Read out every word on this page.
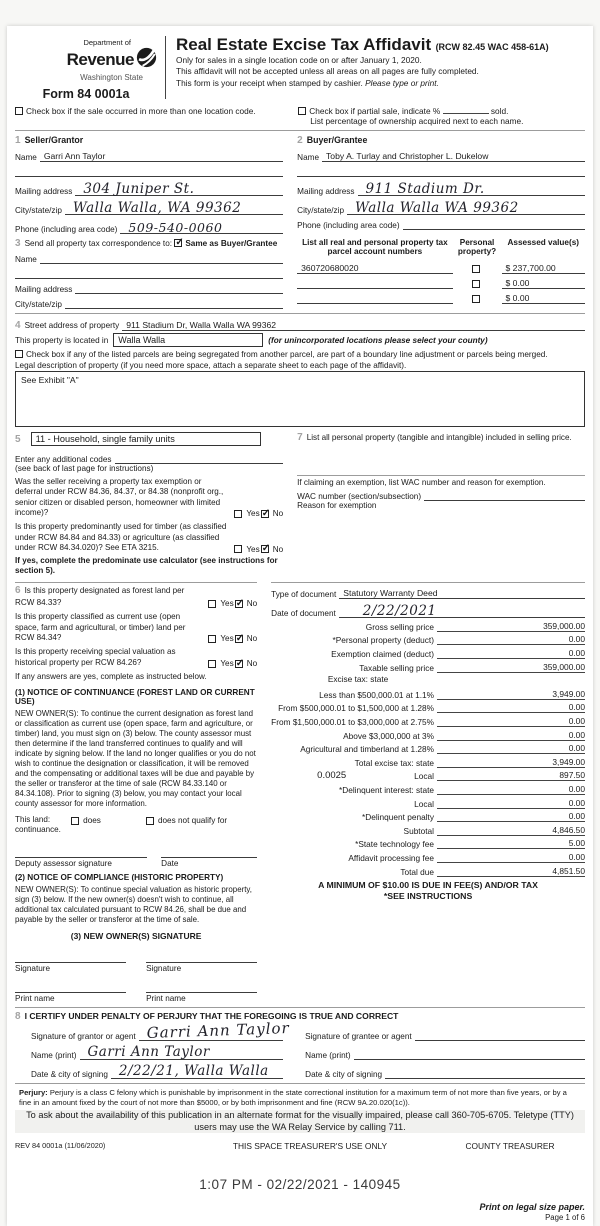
Department of
Revenue
Washington State
Form 84 0001a
Real Estate Excise Tax Affidavit (RCW 82.45 WAC 458-61A)
Only for sales in a single location code on or after January 1, 2020.
This affidavit will not be accepted unless all areas on all pages are fully completed.
This form is your receipt when stamped by cashier. Please type or print.
Check box if the sale occurred in more than one location code.	Check box if partial sale, indicate %	sold.
List percentage of ownership acquired next to each name.
1 Seller/Grantor
Name Garri Ann Taylor
Mailing address 304 Juniper St.
City/state/zip Walla Walla, WA 99362
Phone (including area code) 509-540-0060
2 Buyer/Grantee
Name Toby A. Turlay and Christopher L. Dukelow
Mailing address 911 Stadium Dr.
City/state/zip Walla Walla WA 99362
Phone (including area code)
3 Send all property tax correspondence to: ✓ Same as Buyer/Grantee
Name
Mailing address
City/state/zip
List all real and personal property tax parcel account numbers
Personal property?
Assessed value(s)
360720680020	$ 237,700.00
$ 0.00
$ 0.00
4 Street address of property 911 Stadium Dr, Walla Walla WA 99362
This property is located in	Walla Walla	(for unincorporated locations please select your county)
Check box if any of the listed parcels are being segregated from another parcel, are part of a boundary line adjustment or parcels being merged.
Legal description of property (if you need more space, attach a separate sheet to each page of the affidavit).
See Exhibit "A"
5	11 - Household, single family units
Enter any additional codes
(see back of last page for instructions)
Was the seller receiving a property tax exemption or deferral under RCW 84.36, 84.37, or 84.38 (nonprofit org., senior citizen or disabled person, homeowner with limited income)?	Yes ✓ No
Is this property predominantly used for timber (as classified under RCW 84.84 and 84.33) or agriculture (as classified under RCW 84.34.020)? See ETA 3215.	Yes ✓ No
If yes, complete the predominate use calculator (see instructions for section 5).
7 List all personal property (tangible and intangible) included in selling price.
If claiming an exemption, list WAC number and reason for exemption.
WAC number (section/subsection)
Reason for exemption
6 Is this property designated as forest land per RCW 84.33?	Yes ✓ No
Is this property classified as current use (open space, farm and agricultural, or timber) land per RCW 84.34?	Yes ✓ No
Is this property receiving special valuation as historical property per RCW 84.26?	Yes ✓ No
If any answers are yes, complete as instructed below.
(1) NOTICE OF CONTINUANCE (FOREST LAND OR CURRENT USE)
NEW OWNER(S): To continue the current designation as forest land or classification as current use (open space, farm and agriculture, or timber) land, you must sign on (3) below. The county assessor must then determine if the land transferred continues to qualify and will indicate by signing below. If the land no longer qualifies or you do not wish to continue the designation or classification, it will be removed and the compensating or additional taxes will be due and payable by the seller or transferor at the time of sale (RCW 84.33.140 or 84.34.108). Prior to signing (3) below, you may contact your local county assessor for more information.
This land:	does	does not qualify for
continuance.
Deputy assessor signature	Date
(2) NOTICE OF COMPLIANCE (HISTORIC PROPERTY)
NEW OWNER(S): To continue special valuation as historic property, sign (3) below. If the new owner(s) doesn't wish to continue, all additional tax calculated pursuant to RCW 84.26, shall be due and payable by the seller or transferor at the time of sale.
(3) NEW OWNER(S) SIGNATURE
Signature	Signature
Print name	Print name
Type of document Statutory Warranty Deed
Date of document 2/22/2021
Gross selling price	359,000.00
*Personal property (deduct)	0.00
Exemption claimed (deduct)	0.00
Taxable selling price	359,000.00
Excise tax: state
Less than $500,000.01 at 1.1%	3,949.00
From $500,000.01 to $1,500,000 at 1.28%	0.00
From $1,500,000.01 to $3,000,000 at 2.75%	0.00
Above $3,000,000 at 3%	0.00
Agricultural and timberland at 1.28%	0.00
Total excise tax: state	3,949.00
0.0025	Local	897.50
*Delinquent interest: state	0.00
Local	0.00
*Delinquent penalty	0.00
Subtotal	4,846.50
*State technology fee	5.00
Affidavit processing fee	0.00
Total due	4,851.50
A MINIMUM OF $10.00 IS DUE IN FEE(S) AND/OR TAX
*SEE INSTRUCTIONS
8 I CERTIFY UNDER PENALTY OF PERJURY THAT THE FOREGOING IS TRUE AND CORRECT
Signature of grantor or agent Garri Ann Taylor
Name (print) Garri Ann Taylor
Date & city of signing 2/22/21, Walla Walla
Signature of grantee or agent
Name (print)
Date & city of signing
Perjury: Perjury is a class C felony which is punishable by imprisonment in the state correctional institution for a maximum term of not more than five years, or by a fine in an amount fixed by the court of not more than $5000, or by both imprisonment and fine (RCW 9A.20.020(1c)).
To ask about the availability of this publication in an alternate format for the visually impaired, please call 360-705-6705. Teletype (TTY) users may use the WA Relay Service by calling 711.
REV 84 0001a (11/06/2020)	THIS SPACE TREASURER'S USE ONLY	COUNTY TREASURER
1:07 PM - 02/22/2021 - 140945
Print on legal size paper.
Page 1 of 6
